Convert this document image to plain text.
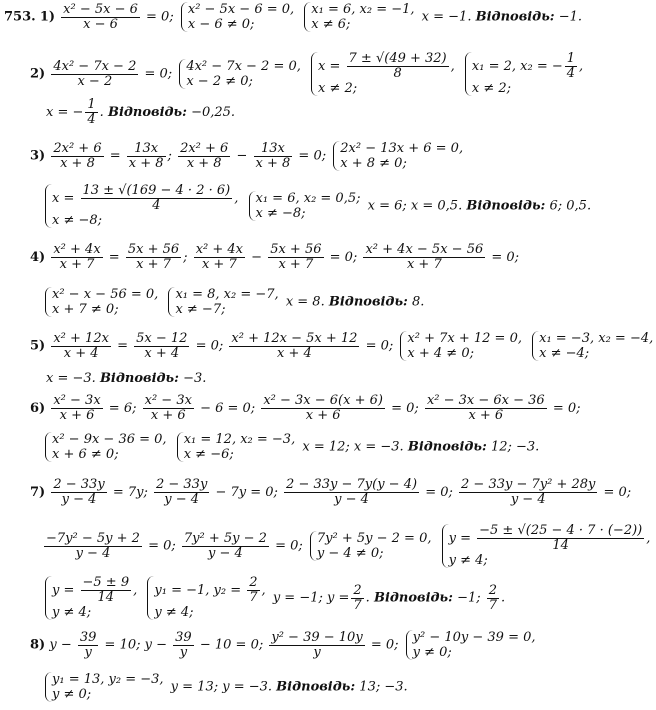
753. $1) \frac{\text{x² − 5x − 6}}{x - 6} = 0$; x² − 5x − 6 = 0,
x − 6 ≠ 0;

x₁ = 6, x₂ = −1,
x ≠ 6;	x = −1. Відповідь: −1.
$2) \frac{\text{4x² − 7x − 2}}{x - 2} = 0$; 4x² − 7x − 2 = 0,
x − 2 ≠ 0;

$x = \frac{7 \pm √(49 + 32)}{8}$ ,
x ≠ 2;

x₁ = 2, x₂ = − $\frac{1}{4}$ ,
x ≠ 2;
x = − $\frac{1}{4}$ . Відповідь: −0,25.
$3) \frac{\text{2x² + 6}}{x + 8} = \frac{13x}{x + 8}$ ; $\frac{\text{2x² + 6}}{x + 8} - \frac{13x}{x + 8} = 0$; 2x² − 13x + 6 = 0,
x + 8 ≠ 0;
$x = \frac{13 \pm √(169 - 4 \cdot 2 \cdot 6)}{4}$ ,
x ≠ −8;

x₁ = 6, x₂ = 0,5;
x ≠ −8;	x = 6; x = 0,5. Відповідь: 6; 0,5.
$4) \frac{\text{x² + 4x}}{x + 7} = \frac{5x + 56}{x + 7}$ ; $\frac{\text{x² + 4x}}{x + 7} - \frac{5x + 56}{x + 7} = 0$; $\frac{\text{x² + 4x − 5x − 56}}{x + 7} = 0$;
x² − x − 56 = 0,
x + 7 ≠ 0;

x₁ = 8, x₂ = −7,
x ≠ −7;	x = 8. Відповідь: 8.
$5) \frac{\text{x² + 12x}}{x + 4} = \frac{5x - 12}{x + 4} = 0$; $\frac{\text{x² + 12x − 5x + 12}}{x + 4} = 0$; x² + 7x + 12 = 0,
x + 4 ≠ 0;

x₁ = −3, x₂ = −4,
x ≠ −4;
x = −3. Відповідь: −3.
$6) \frac{\text{x² − 3x}}{x + 6} = 6$; $\frac{\text{x² − 3x}}{x + 6} - 6 = 0$; $\frac{\text{x² − 3x − 6(x + 6)}}{x + 6} = 0$; $\frac{\text{x² − 3x − 6x − 36}}{x + 6} = 0$;
x² − 9x − 36 = 0,
x + 6 ≠ 0;

x₁ = 12, x₂ = −3,
x ≠ −6;	x = 12; x = −3. Відповідь: 12; −3.
$7) \frac{2 - 33y}{y - 4} = 7y$; $\frac{2 - 33y}{y - 4} - 7y = 0$; $\frac{2 - 33y - 7y(y - 4)}{y - 4} = 0$; $\frac{\text{2 − 33y − 7y² + 28y}}{y - 4} = 0$;
$\frac{\text{−7y² − 5y + 2}}{y - 4} = 0$; $\frac{\text{7y² + 5y − 2}}{y - 4} = 0$; 7y² + 5y − 2 = 0,
y − 4 ≠ 0;

$y = \frac{-5 \pm √(25 - 4 \cdot 7 \cdot (-2))}{14}$ ,
y ≠ 4;
$y = \frac{-5 \pm 9}{14}$ ,
y ≠ 4;

y₁ = −1, $y_2 = \frac{2}{7}$ ,
y ≠ 4;
y = −1; $y = \frac{2}{7}$ . Відповідь: −1; $\frac{2}{7}$ .
8) $y - \frac{39}{y} = 10$; $y - \frac{39}{y} - 10 = 0$; $\frac{\text{y² − 39 − 10y}}{y} = 0$; y² − 10y − 39 = 0,
y ≠ 0;
y₁ = 13, y₂ = −3,
y ≠ 0;	y = 13; y = −3. Відповідь: 13; −3.
